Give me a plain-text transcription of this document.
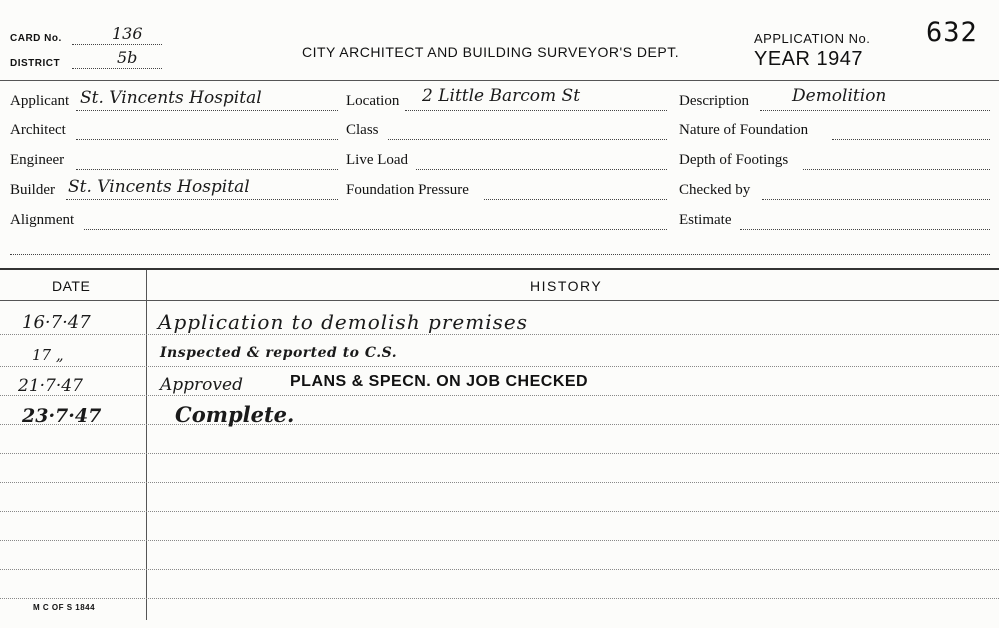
CARD No.	136
DISTRICT	5b	CITY ARCHITECT AND BUILDING SURVEYOR'S DEPT.
APPLICATION No. 632
YEAR 1947
Applicant St. Vincents Hospital	Location 2 Little Barcom St	Description	Demolition
Architect	Class	Nature of Foundation
Engineer	Live Load	Depth of Footings
Builder St. Vincents Hospital	Foundation Pressure	Checked by
Alignment	Estimate
DATE	HISTORY
16·7·47	Application to demolish premises
17 „	Inspected & reported to C.S.
21·7·47	Approved	PLANS & SPECN. ON JOB CHECKED
23·7·47	Complete.
M C OF S 1844
